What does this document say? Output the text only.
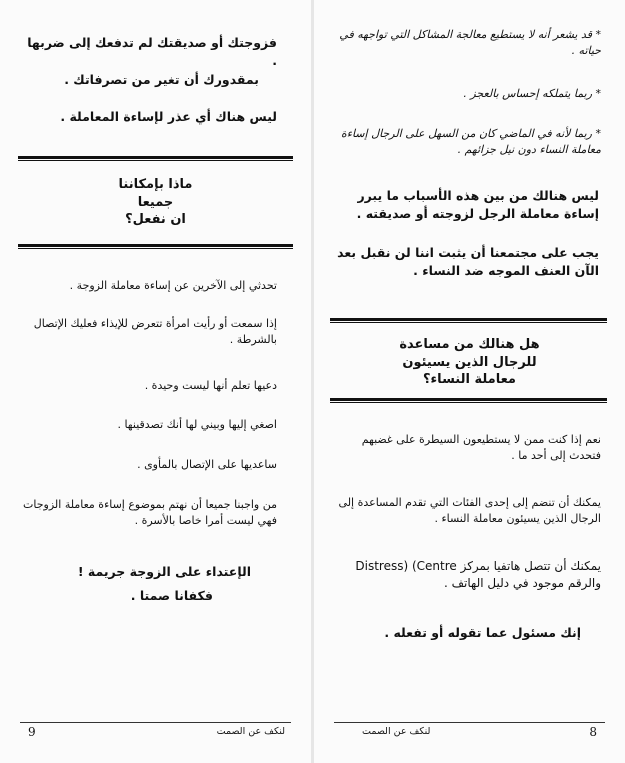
فزوجتك أو صديقتك لم تدفعك إلى ضربها .
بمقدورك أن تغير من تصرفاتك .
ليس هناك أي عذر لإساءة المعاملة .
ماذا بإمكاننا
جميعا
ان نفعل؟
تحدثي إلى الآخرين عن إساءة معاملة الزوجة .
إذا سمعت أو رأيت امرأة تتعرض للإيذاء فعليك الإتصال بالشرطة .
دعيها تعلم أنها ليست وحيدة .
اصغي إليها وبيني لها أنك تصدقينها .
ساعديها على الإتصال بالمأوى .
من واجبنا جميعا أن نهتم بموضوع إساءة معاملة الزوجات فهي ليست أمرا خاصا بالأسرة .
الإعتداء على الزوجة جريمة !
فكفانا صمتا .
9	لنكف عن الصمت
* قد يشعر أنه لا يستطيع معالجة المشاكل التي تواجهه في حياته .
* ربما يتملكه إحساس بالعجز .
* ربما لأنه في الماضي كان من السهل على الرجال إساءة معاملة النساء دون نيل جزائهم .
ليس هنالك من بين هذه الأسباب ما يبرر إساءة معاملة الرجل لزوجته أو صديقته .
يجب على مجتمعنا أن يثبت اننا لن نقبل بعد الآن العنف الموجه ضد النساء .
هل هنالك من مساعدة
للرجال الذين يسيئون
معاملة النساء؟
نعم إذا كنت ممن لا يستطيعون السيطرة على غضبهم فتحدث إلى أحد ما .
يمكنك أن تنضم إلى إحدى الفئات التي تقدم المساعدة إلى الرجال الذين يسيئون معاملة النساء .
يمكنك أن تتصل هاتفيا بمركز Distress) (Centre والرقم موجود في دليل الهاتف .
إنك مسئول عما تقوله أو تفعله .
لنكف عن الصمت	8
